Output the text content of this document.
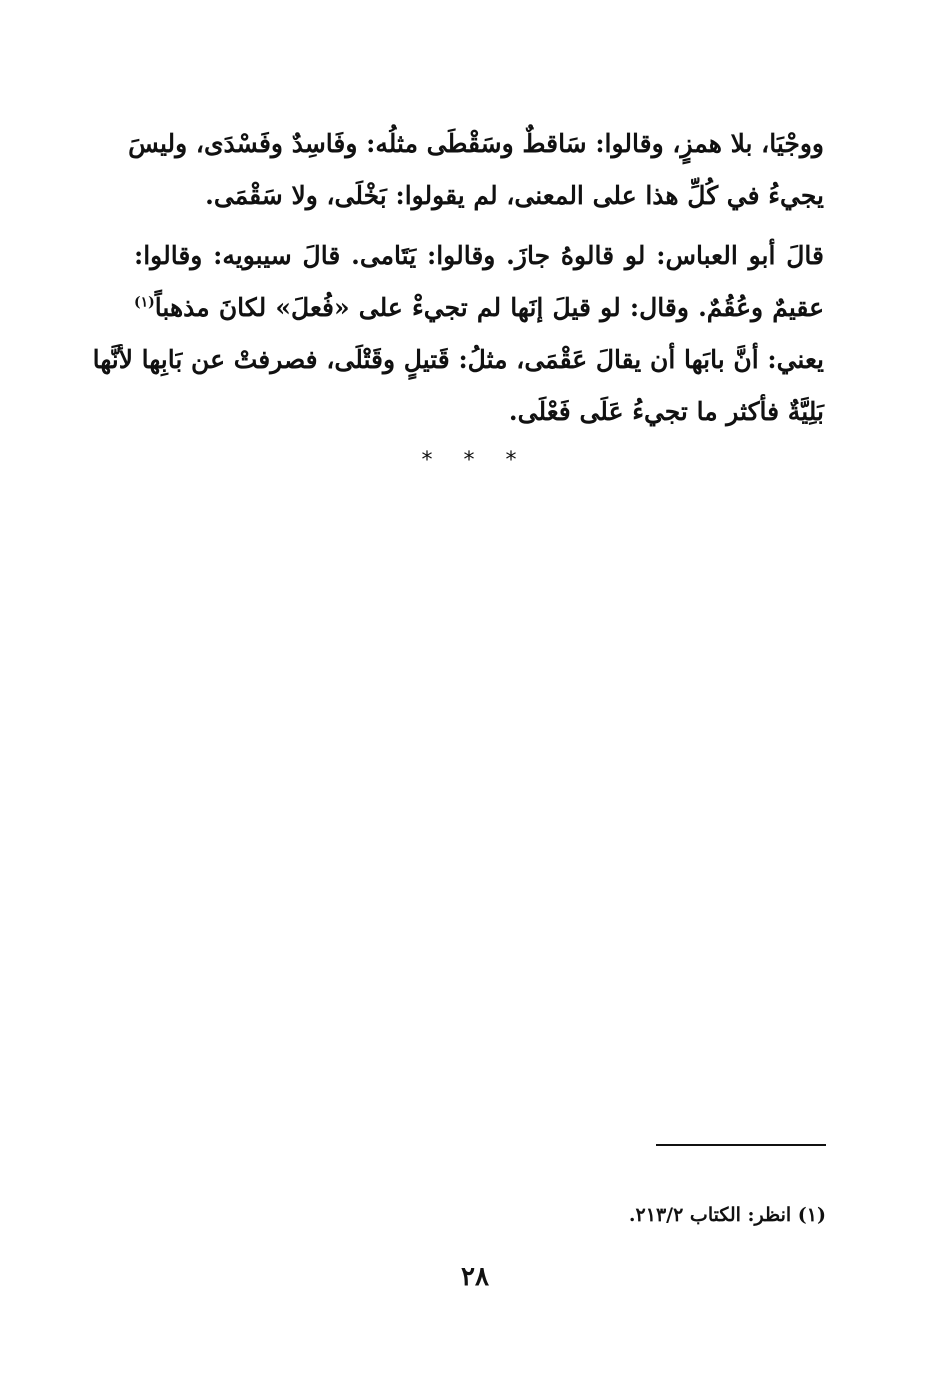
ووجْيَا، بلا همزٍ، وقالوا: سَاقطٌ وسَقْطَى مثلُه: وفَاسِدٌ وفَسْدَى، وليسَ
يجيءُ في كُلِّ هذا على المعنى، لم يقولوا: بَخْلَى، ولا سَقْمَى.
قالَ أبو العباس: لو قالوهُ جازَ. وقالوا: يَتَامى. قالَ سيبويه: وقالوا:
عقيمٌ وعُقُمٌ. وقال: لو قيلَ إنَها لم تجيءْ على «فُعلَ» لكانَ مذهباً$^{(١)}$
يعني: أنَّ بابَها أن يقالَ عَقْمَى، مثلُ: قَتيلٍ وقَتْلَى، فصرفتْ عن بَابِها لأنَّها
بَلِيَّةٌ فأكثر ما تجيءُ عَلَى فَعْلَى.
* * *
(١) انظر: الكتاب ٢١٣/٢.
٢٨
